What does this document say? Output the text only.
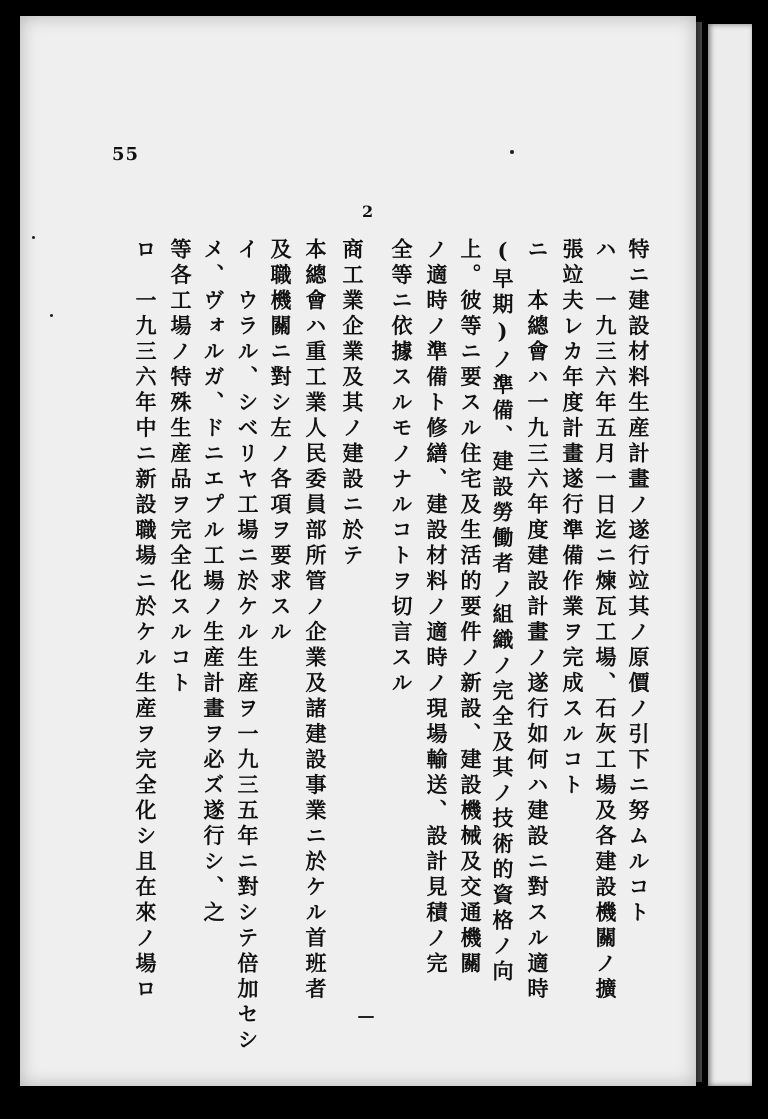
55
2
特ニ建設材料生産計畫ノ遂行竝其ノ原價ノ引下ニ努ムルコト
ハ　一九三六年五月一日迄ニ煉瓦工場、石灰工場及各建設機關ノ擴
張竝夫レカ年度計畫遂行準備作業ヲ完成スルコト
ニ　本總會ハ一九三六年度建設計畫ノ遂行如何ハ建設ニ對スル適時
(早期)ノ準備、建設勞働者ノ組織ノ完全及其ノ技術的資格ノ向
上。彼等ニ要スル住宅及生活的要件ノ新設、建設機械及交通機關
ノ適時ノ準備ト修繕、建設材料ノ適時ノ現場輸送、設計見積ノ完
全等ニ依據スルモノナルコトヲ切言スル
商工業企業及其ノ建設ニ於テ
本總會ハ重工業人民委員部所管ノ企業及諸建設事業ニ於ケル首班者
及職機關ニ對シ左ノ各項ヲ要求スル
イ　ウラル、シベリヤ工場ニ於ケル生産ヲ一九三五年ニ對シテ倍加セシ
メ、ヴォルガ、ドニエプル工場ノ生産計畫ヲ必ズ遂行シ、之
等各工場ノ特殊生産品ヲ完全化スルコト
ロ　一九三六年中ニ新設職場ニ於ケル生産ヲ完全化シ且在來ノ場ロ
